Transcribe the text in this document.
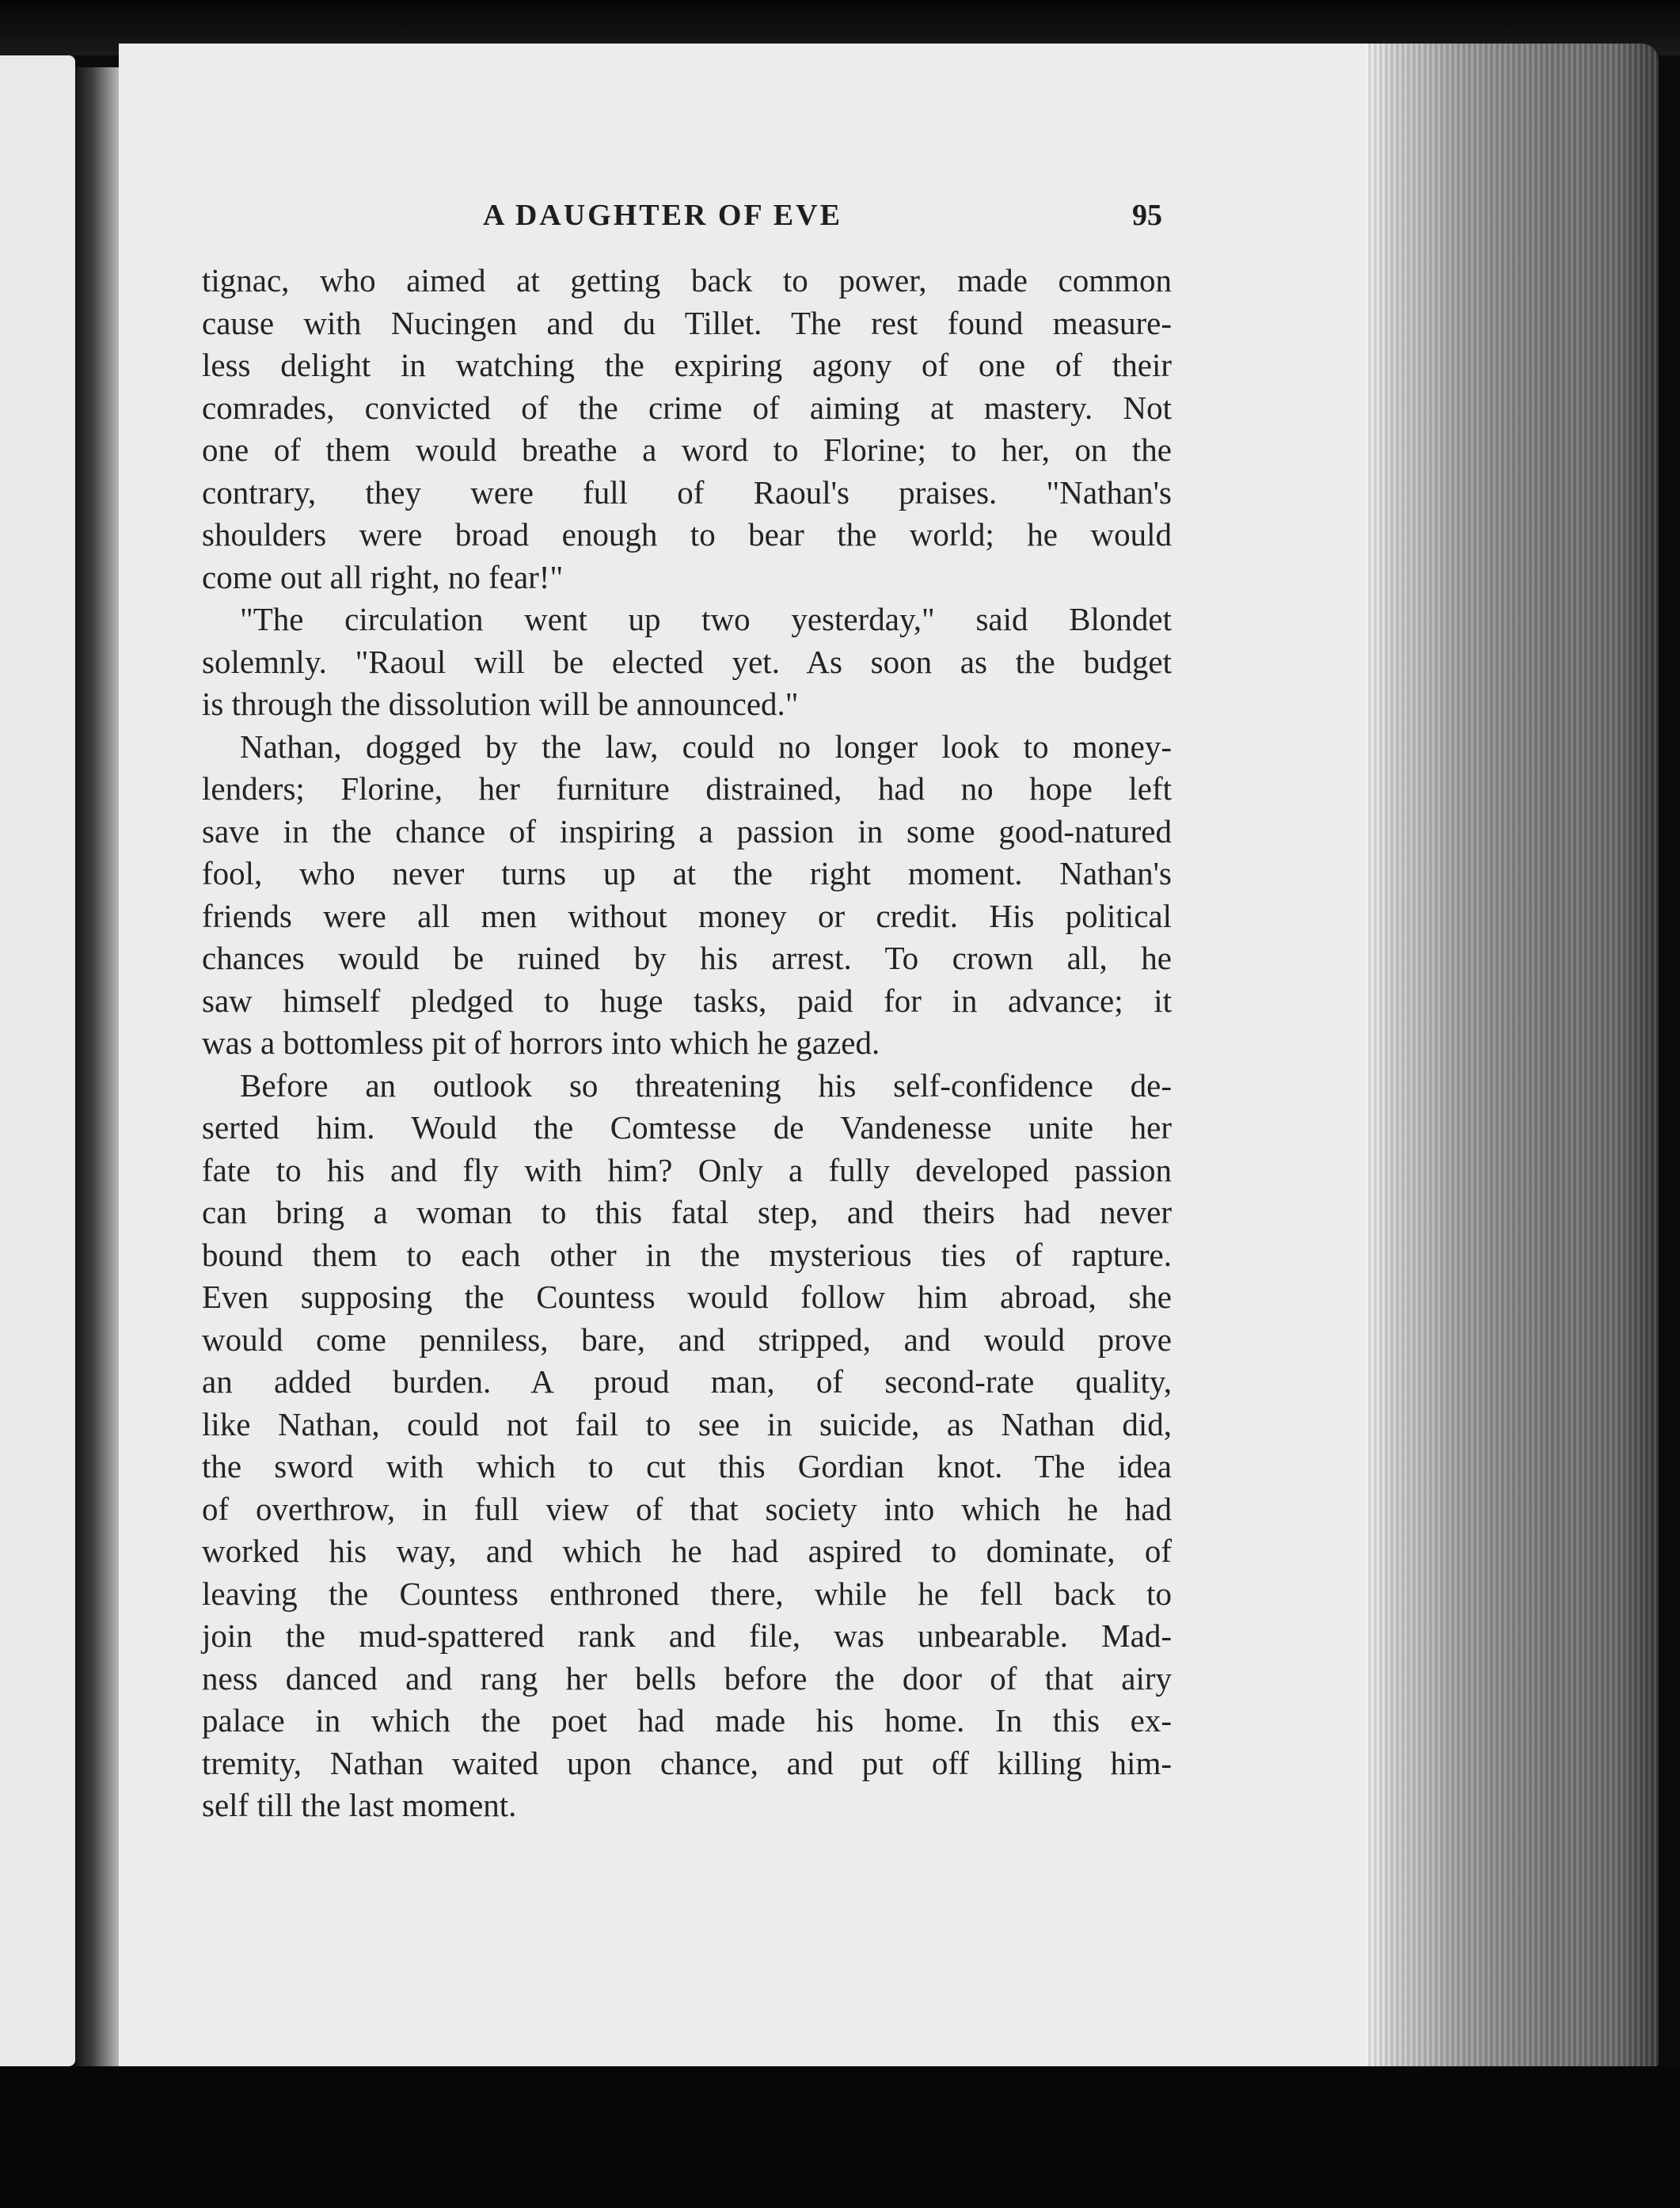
A DAUGHTER OF EVE	95
tignac, who aimed at getting back to power, made common
cause with Nucingen and du Tillet. The rest found measure-
less delight in watching the expiring agony of one of their
comrades, convicted of the crime of aiming at mastery. Not
one of them would breathe a word to Florine; to her, on the
contrary, they were full of Raoul's praises. "Nathan's
shoulders were broad enough to bear the world; he would
come out all right, no fear!"
"The circulation went up two yesterday," said Blondet
solemnly. "Raoul will be elected yet. As soon as the budget
is through the dissolution will be announced."
Nathan, dogged by the law, could no longer look to money-
lenders; Florine, her furniture distrained, had no hope left
save in the chance of inspiring a passion in some good-natured
fool, who never turns up at the right moment. Nathan's
friends were all men without money or credit. His political
chances would be ruined by his arrest. To crown all, he
saw himself pledged to huge tasks, paid for in advance; it
was a bottomless pit of horrors into which he gazed.
Before an outlook so threatening his self-confidence de-
serted him. Would the Comtesse de Vandenesse unite her
fate to his and fly with him? Only a fully developed passion
can bring a woman to this fatal step, and theirs had never
bound them to each other in the mysterious ties of rapture.
Even supposing the Countess would follow him abroad, she
would come penniless, bare, and stripped, and would prove
an added burden. A proud man, of second-rate quality,
like Nathan, could not fail to see in suicide, as Nathan did,
the sword with which to cut this Gordian knot. The idea
of overthrow, in full view of that society into which he had
worked his way, and which he had aspired to dominate, of
leaving the Countess enthroned there, while he fell back to
join the mud-spattered rank and file, was unbearable. Mad-
ness danced and rang her bells before the door of that airy
palace in which the poet had made his home. In this ex-
tremity, Nathan waited upon chance, and put off killing him-
self till the last moment.
